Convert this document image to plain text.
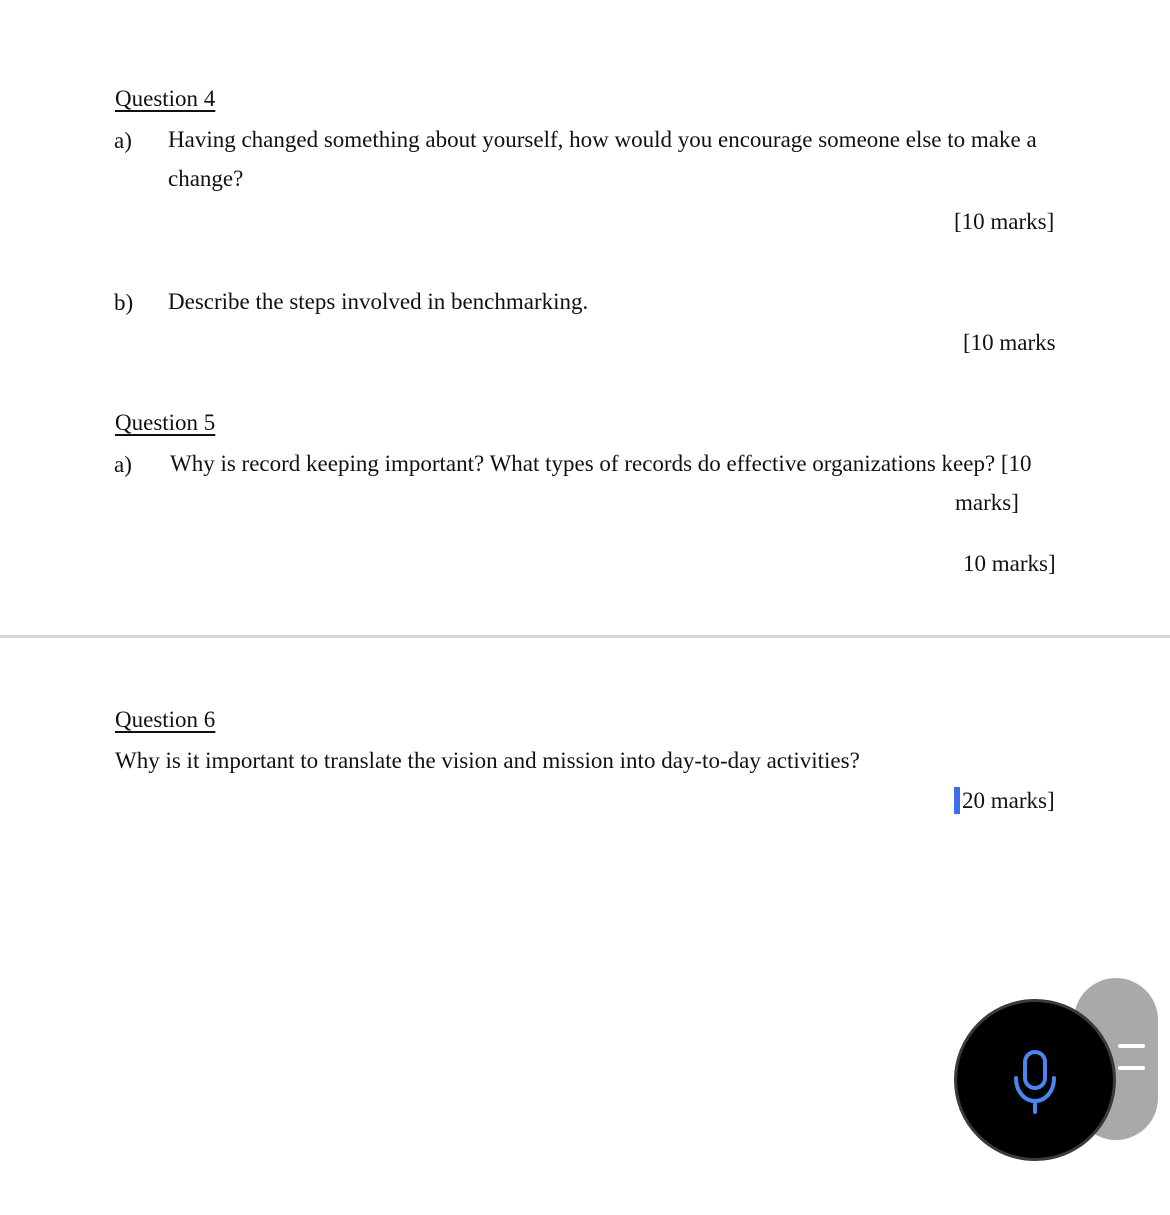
Question 4
a) Having changed something about yourself, how would you encourage someone else to make a
change?
[10 marks]
b) Describe the steps involved in benchmarking.
[10 marks
Question 5
a) Why is record keeping important? What types of records do effective organizations keep? [10
marks]
10 marks]
Question 6
Why is it important to translate the vision and mission into day-to-day activities?
20 marks]
